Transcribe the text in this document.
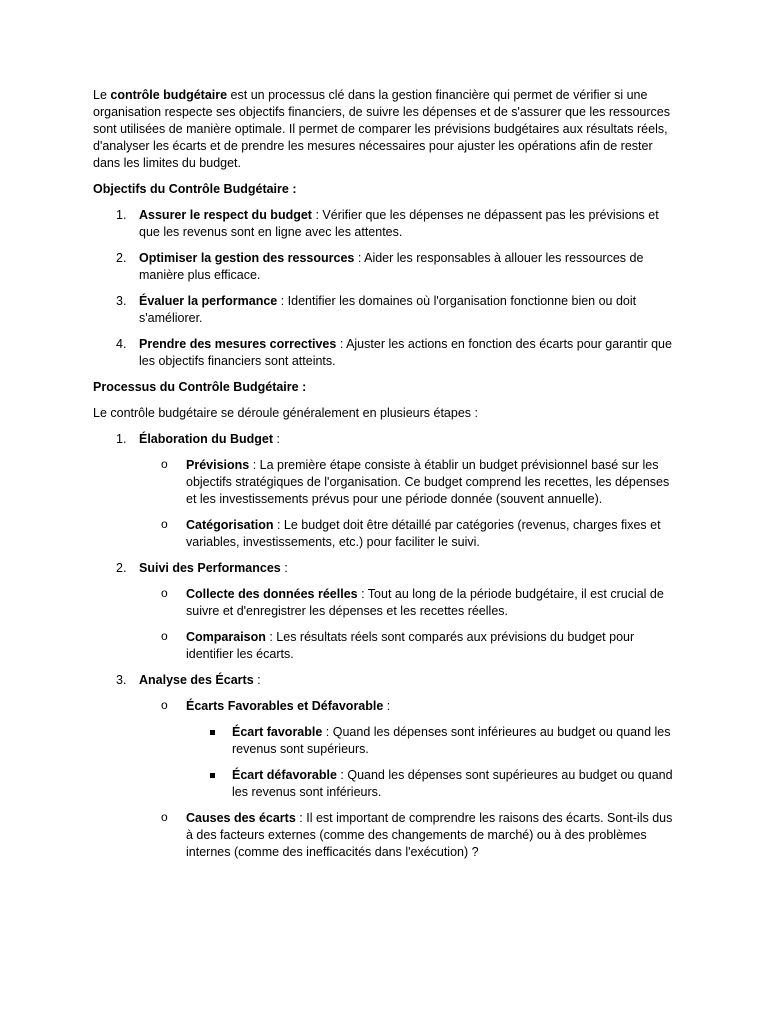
Le contrôle budgétaire est un processus clé dans la gestion financière qui permet de vérifier si une organisation respecte ses objectifs financiers, de suivre les dépenses et de s'assurer que les ressources sont utilisées de manière optimale. Il permet de comparer les prévisions budgétaires aux résultats réels, d'analyser les écarts et de prendre les mesures nécessaires pour ajuster les opérations afin de rester dans les limites du budget.

Objectifs du Contrôle Budgétaire :

1. Assurer le respect du budget : Vérifier que les dépenses ne dépassent pas les prévisions et que les revenus sont en ligne avec les attentes.
2. Optimiser la gestion des ressources : Aider les responsables à allouer les ressources de manière plus efficace.
3. Évaluer la performance : Identifier les domaines où l'organisation fonctionne bien ou doit s'améliorer.
4. Prendre des mesures correctives : Ajuster les actions en fonction des écarts pour garantir que les objectifs financiers sont atteints.

Processus du Contrôle Budgétaire :

Le contrôle budgétaire se déroule généralement en plusieurs étapes :

1. Élaboration du Budget :
o Prévisions : La première étape consiste à établir un budget prévisionnel basé sur les objectifs stratégiques de l'organisation. Ce budget comprend les recettes, les dépenses et les investissements prévus pour une période donnée (souvent annuelle).
o Catégorisation : Le budget doit être détaillé par catégories (revenus, charges fixes et variables, investissements, etc.) pour faciliter le suivi.
2. Suivi des Performances :
o Collecte des données réelles : Tout au long de la période budgétaire, il est crucial de suivre et d'enregistrer les dépenses et les recettes réelles.
o Comparaison : Les résultats réels sont comparés aux prévisions du budget pour identifier les écarts.
3. Analyse des Écarts :
o Écarts Favorables et Défavorable :
Écart favorable : Quand les dépenses sont inférieures au budget ou quand les revenus sont supérieurs.
Écart défavorable : Quand les dépenses sont supérieures au budget ou quand les revenus sont inférieurs.
o Causes des écarts : Il est important de comprendre les raisons des écarts. Sont-ils dus à des facteurs externes (comme des changements de marché) ou à des problèmes internes (comme des inefficacités dans l'exécution) ?
